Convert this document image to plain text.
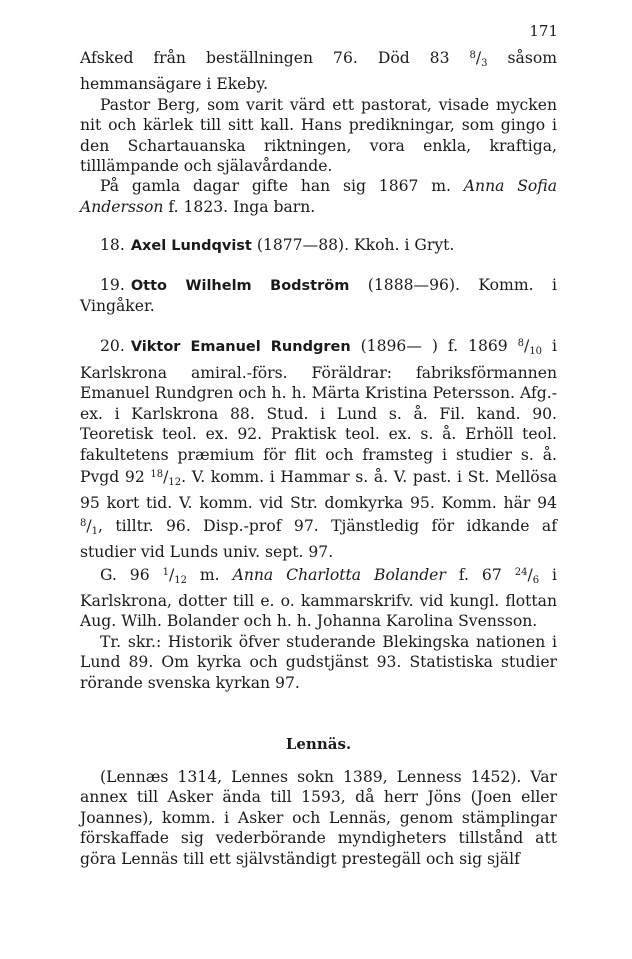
171

Afsked från beställningen 76. Död 83 $^8$/3 såsom hemmansägare i Ekeby.

Pastor Berg, som varit värd ett pastorat, visade mycken nit och kärlek till sitt kall. Hans predikningar, som gingo i den Schartauanska riktningen, vora enkla, kraftiga, tilllämpande och själavårdande.

På gamla dagar gifte han sig 1867 m. Anna Sofia Andersson f. 1823. Inga barn.

18. Axel Lundqvist (1877—88). Kkoh. i Gryt.

19. Otto Wilhelm Bodström (1888—96). Komm. i Vingåker.

20. Viktor Emanuel Rundgren (1896— ) f. 1869 $^8$/10 i Karlskrona amiral.-förs. Föräldrar: fabriksförmannen Emanuel Rundgren och h. h. Märta Kristina Petersson. Afg.-ex. i Karlskrona 88. Stud. i Lund s. å. Fil. kand. 90. Teoretisk teol. ex. 92. Praktisk teol. ex. s. å. Erhöll teol. fakultetens præmium för flit och framsteg i studier s. å. Pvgd 92 $^{18}$/12. V. komm. i Hammar s. å. V. past. i St. Mellösa 95 kort tid. V. komm. vid Str. domkyrka 95. Komm. här 94 $^8$/1, tilltr. 96. Disp.-prof 97. Tjänstledig för idkande af studier vid Lunds univ. sept. 97.

G. 96 $^1$/12 m. Anna Charlotta Bolander f. 67 $^{24}$/6 i Karlskrona, dotter till e. o. kammarskrifv. vid kungl. flottan Aug. Wilh. Bolander och h. h. Johanna Karolina Svensson.

Tr. skr.: Historik öfver studerande Blekingska nationen i Lund 89. Om kyrka och gudstjänst 93. Statistiska studier rörande svenska kyrkan 97.

Lennäs.

(Lennæs 1314, Lennes sokn 1389, Lenness 1452). Var annex till Asker ända till 1593, då herr Jöns (Joen eller Joannes), komm. i Asker och Lennäs, genom stämplingar förskaffade sig vederbörande myndigheters tillstånd att göra Lennäs till ett självständigt prestegäll och sig själf
